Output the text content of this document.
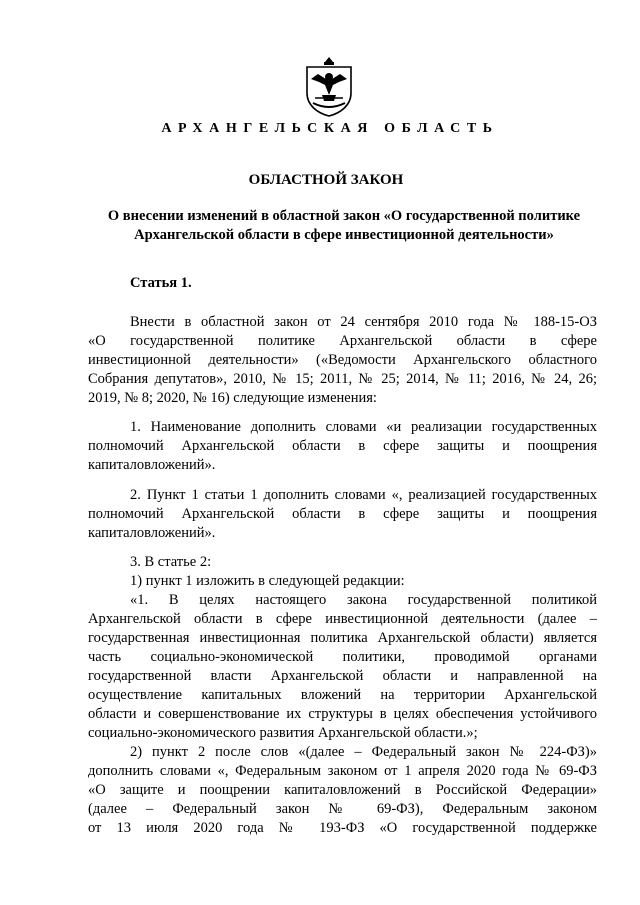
АРХАНГЕЛЬСКАЯ ОБЛАСТЬ
ОБЛАСТНОЙ ЗАКОН
О внесении изменений в областной закон «О государственной политике
Архангельской области в сфере инвестиционной деятельности»
Статья 1.
Внести в областной закон от 24 сентября 2010 года № 188-15-ОЗ
«О государственной политике Архангельской области в сфере
инвестиционной деятельности» («Ведомости Архангельского областного
Собрания депутатов», 2010, № 15; 2011, № 25; 2014, № 11; 2016, № 24, 26;
2019, № 8; 2020, № 16) следующие изменения:
1. Наименование дополнить словами «и реализации государственных
полномочий Архангельской области в сфере защиты и поощрения
капиталовложений».
2. Пункт 1 статьи 1 дополнить словами «, реализацией государственных
полномочий Архангельской области в сфере защиты и поощрения
капиталовложений».
3. В статье 2:
1) пункт 1 изложить в следующей редакции:
«1. В целях настоящего закона государственной политикой
Архангельской области в сфере инвестиционной деятельности (далее –
государственная инвестиционная политика Архангельской области) является
часть социально-экономической политики, проводимой органами
государственной власти Архангельской области и направленной на
осуществление капитальных вложений на территории Архангельской
области и совершенствование их структуры в целях обеспечения устойчивого
социально-экономического развития Архангельской области.»;
2) пункт 2 после слов «(далее – Федеральный закон № 224-ФЗ)»
дополнить словами «, Федеральным законом от 1 апреля 2020 года № 69-ФЗ
«О защите и поощрении капиталовложений в Российской Федерации»
(далее – Федеральный закон № 69-ФЗ), Федеральным законом
от 13 июля 2020 года № 193-ФЗ «О государственной поддержке
